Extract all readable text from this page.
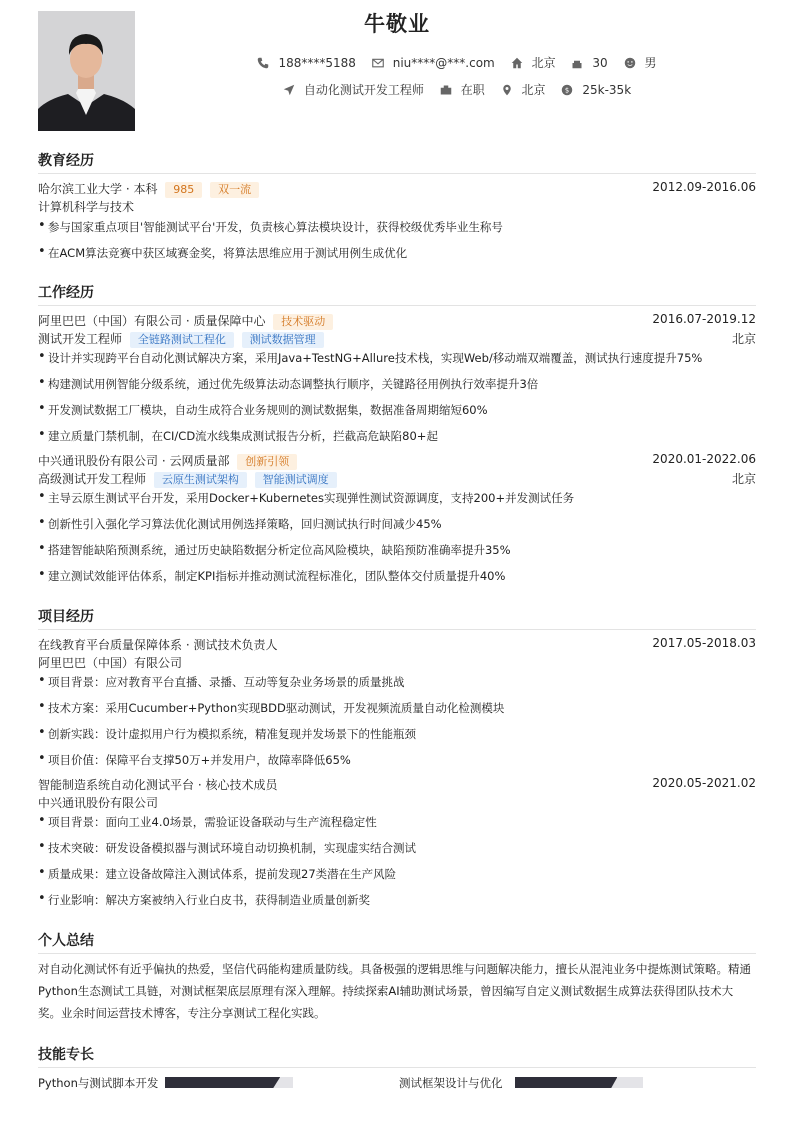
牛敬业
188****5188
	niu****@***.com
	北京
	30
	男
自动化测试开发工程师
	在职
	北京
$ 25k-35k
教育经历
哈尔滨工业大学 · 本科 985 双一流	2012.09-2016.06
计算机科学与技术
• 参与国家重点项目'智能测试平台'开发，负责核心算法模块设计，获得校级优秀毕业生称号
• 在ACM算法竞赛中获区域赛金奖，将算法思维应用于测试用例生成优化
工作经历
阿里巴巴（中国）有限公司 · 质量保障中心 技术驱动	2016.07-2019.12
测试开发工程师 全链路测试工程化 测试数据管理	北京
• 设计并实现跨平台自动化测试解决方案，采用Java+TestNG+Allure技术栈，实现Web/移动端双端覆盖，测试执行速度提升75%
• 构建测试用例智能分级系统，通过优先级算法动态调整执行顺序，关键路径用例执行效率提升3倍
• 开发测试数据工厂模块，自动生成符合业务规则的测试数据集，数据准备周期缩短60%
• 建立质量门禁机制，在CI/CD流水线集成测试报告分析，拦截高危缺陷80+起
中兴通讯股份有限公司 · 云网质量部 创新引领	2020.01-2022.06
高级测试开发工程师 云原生测试架构 智能测试调度	北京
• 主导云原生测试平台开发，采用Docker+Kubernetes实现弹性测试资源调度，支持200+并发测试任务
• 创新性引入强化学习算法优化测试用例选择策略，回归测试执行时间减少45%
• 搭建智能缺陷预测系统，通过历史缺陷数据分析定位高风险模块，缺陷预防准确率提升35%
• 建立测试效能评估体系，制定KPI指标并推动测试流程标准化，团队整体交付质量提升40%
项目经历
在线教育平台质量保障体系 · 测试技术负责人	2017.05-2018.03
阿里巴巴（中国）有限公司
• 项目背景：应对教育平台直播、录播、互动等复杂业务场景的质量挑战
• 技术方案：采用Cucumber+Python实现BDD驱动测试，开发视频流质量自动化检测模块
• 创新实践：设计虚拟用户行为模拟系统，精准复现并发场景下的性能瓶颈
• 项目价值：保障平台支撑50万+并发用户，故障率降低65%
智能制造系统自动化测试平台 · 核心技术成员	2020.05-2021.02
中兴通讯股份有限公司
• 项目背景：面向工业4.0场景，需验证设备联动与生产流程稳定性
• 技术突破：研发设备模拟器与测试环境自动切换机制，实现虚实结合测试
• 质量成果：建立设备故障注入测试体系，提前发现27类潜在生产风险
• 行业影响：解决方案被纳入行业白皮书，获得制造业质量创新奖
个人总结
对自动化测试怀有近乎偏执的热爱，坚信代码能构建质量防线。具备极强的逻辑思维与问题解决能力，擅长从混沌业务中提炼测试策略。精通Python生态测试工具链，对测试框架底层原理有深入理解。持续探索AI辅助测试场景，曾因编写自定义测试数据生成算法获得团队技术大奖。业余时间运营技术博客，专注分享测试工程化实践。
技能专长
Python与测试脚本开发	测试框架设计与优化
